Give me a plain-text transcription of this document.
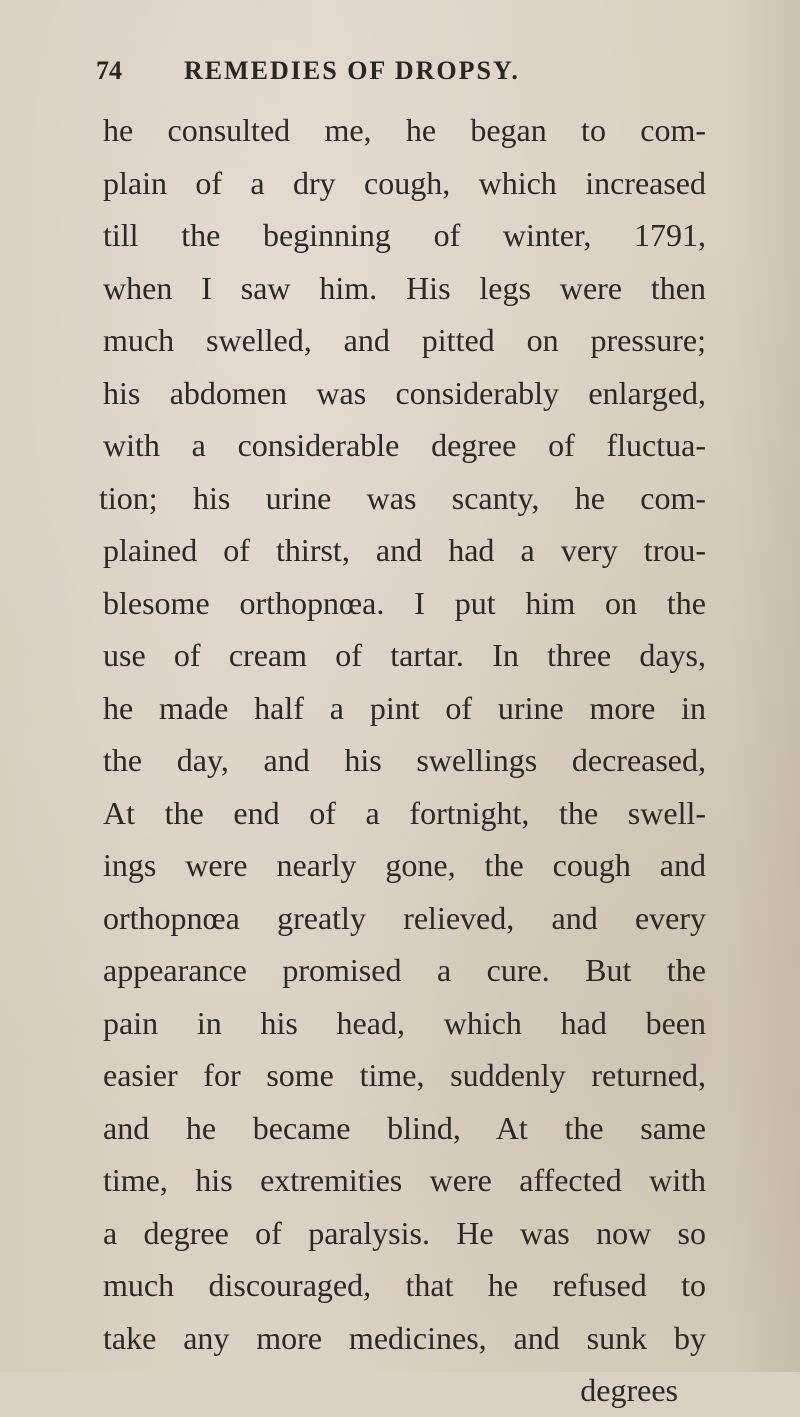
74 REMEDIES OF DROPSY.
he consulted me, he began to com-
plain of a dry cough, which increased
till the beginning of winter, 1791,
when I saw him. His legs were then
much swelled, and pitted on pressure;
his abdomen was considerably enlarged,
with a considerable degree of fluctua-
tion; his urine was scanty, he com-
plained of thirst, and had a very trou-
blesome orthopnœa. I put him on the
use of cream of tartar. In three days,
he made half a pint of urine more in
the day, and his swellings decreased,
At the end of a fortnight, the swell-
ings were nearly gone, the cough and
orthopnœa greatly relieved, and every
appearance promised a cure. But the
pain in his head, which had been
easier for some time, suddenly returned,
and he became blind, At the same
time, his extremities were affected with
a degree of paralysis. He was now so
much discouraged, that he refused to
take any more medicines, and sunk by
degrees
